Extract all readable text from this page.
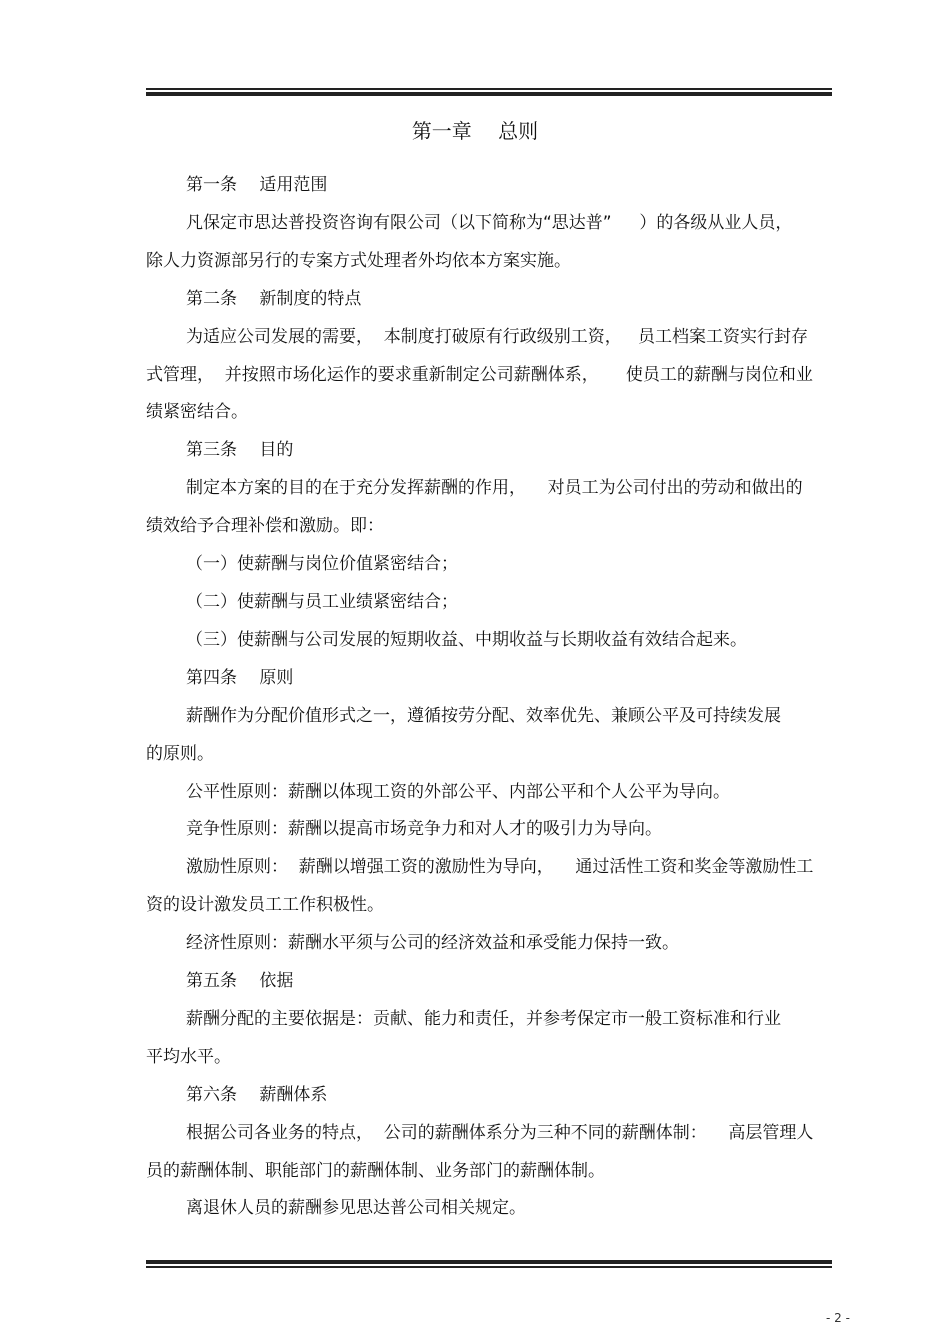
第一章　 总则
第一条　 适用范围
凡保定市思达普投资咨询有限公司（以下简称为“思达普”　  ）的各级从业人员，
除人力资源部另行的专案方式处理者外均依本方案实施。
第二条　 新制度的特点
为适应公司发展的需要，  本制度打破原有行政级别工资，   员工档案工资实行封存
式管理，  并按照市场化运作的要求重新制定公司薪酬体系，     使员工的薪酬与岗位和业
绩紧密结合。
第三条　 目的
制定本方案的目的在于充分发挥薪酬的作用，    对员工为公司付出的劳动和做出的
绩效给予合理补偿和激励。即：
（一）使薪酬与岗位价值紧密结合；
（二）使薪酬与员工业绩紧密结合；
（三）使薪酬与公司发展的短期收益、中期收益与长期收益有效结合起来。
第四条　 原则
薪酬作为分配价值形式之一，遵循按劳分配、效率优先、兼顾公平及可持续发展
的原则。
公平性原则：薪酬以体现工资的外部公平、内部公平和个人公平为导向。
竞争性原则：薪酬以提高市场竞争力和对人才的吸引力为导向。
激励性原则：  薪酬以增强工资的激励性为导向，    通过活性工资和奖金等激励性工
资的设计激发员工工作积极性。
经济性原则：薪酬水平须与公司的经济效益和承受能力保持一致。
第五条　 依据
薪酬分配的主要依据是：贡献、能力和责任，并参考保定市一般工资标准和行业
平均水平。
第六条　 薪酬体系
根据公司各业务的特点，  公司的薪酬体系分为三种不同的薪酬体制：    高层管理人
员的薪酬体制、职能部门的薪酬体制、业务部门的薪酬体制。
离退休人员的薪酬参见思达普公司相关规定。
- 2 -
